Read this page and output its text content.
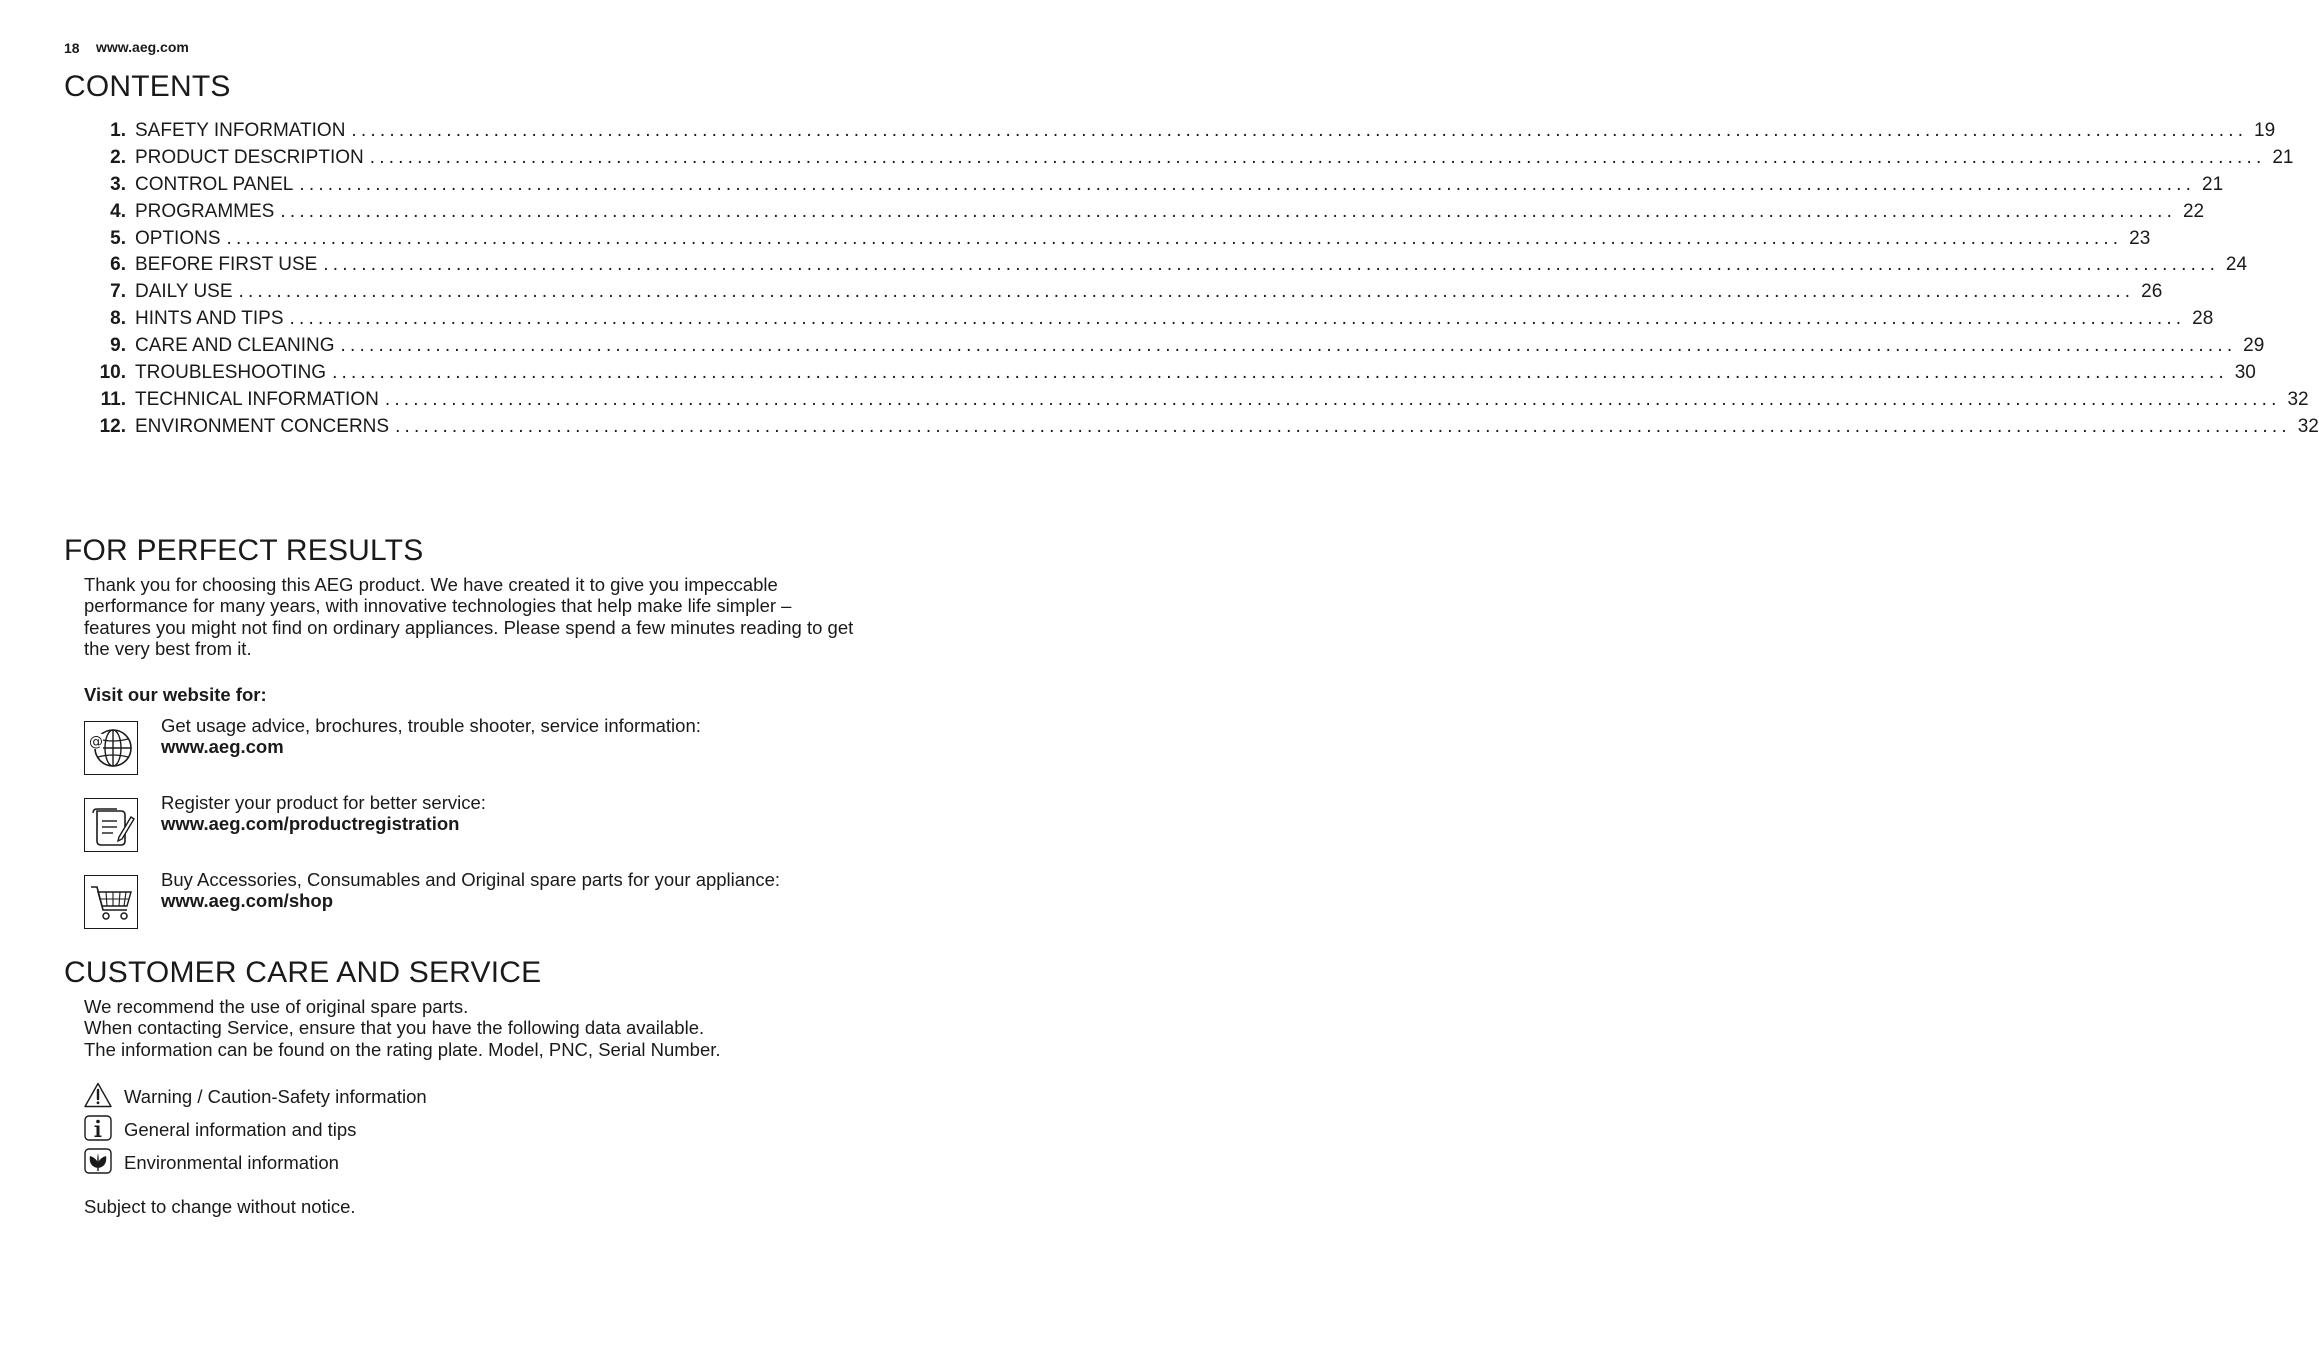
18 www.aeg.com
CONTENTS
1. SAFETY INFORMATION ........................................................................................................................................................................................................ 19
2. PRODUCT DESCRIPTION ........................................................................................................................................................................................................ 21
3. CONTROL PANEL ........................................................................................................................................................................................................ 21
4. PROGRAMMES ........................................................................................................................................................................................................ 22
5. OPTIONS ........................................................................................................................................................................................................ 23
6. BEFORE FIRST USE ........................................................................................................................................................................................................ 24
7. DAILY USE ........................................................................................................................................................................................................ 26
8. HINTS AND TIPS ........................................................................................................................................................................................................ 28
9. CARE AND CLEANING ........................................................................................................................................................................................................ 29
10. TROUBLESHOOTING ........................................................................................................................................................................................................ 30
11. TECHNICAL INFORMATION ........................................................................................................................................................................................................ 32
12. ENVIRONMENT CONCERNS ........................................................................................................................................................................................................ 32
FOR PERFECT RESULTS
Thank you for choosing this AEG product. We have created it to give you impeccable
performance for many years, with innovative technologies that help make life simpler –
features you might not find on ordinary appliances. Please spend a few minutes reading to get
the very best from it.
Visit our website for:
@
Get usage advice, brochures, trouble shooter, service information:
www.aeg.com
Register your product for better service:
www.aeg.com/productregistration
Buy Accessories, Consumables and Original spare parts for your appliance:
www.aeg.com/shop
CUSTOMER CARE AND SERVICE
We recommend the use of original spare parts.
When contacting Service, ensure that you have the following data available.
The information can be found on the rating plate. Model, PNC, Serial Number.
Warning / Caution-Safety information
General information and tips
Environmental information
Subject to change without notice.
